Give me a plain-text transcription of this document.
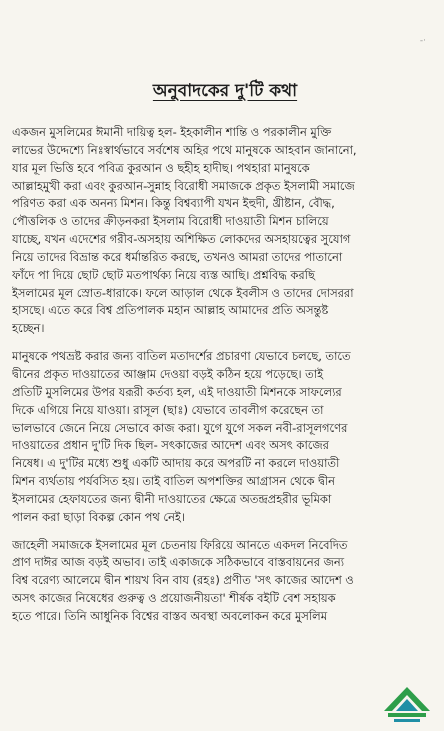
-·
অনুবাদকের দু'টি কথা

একজন মুসলিমের ঈমানী দায়িত্ব হল- ইহকালীন শান্তি ও পরকালীন মুক্তি
লাভের উদ্দেশ্যে নিঃস্বার্থভাবে সর্বশেষ অহির পথে মানুষকে আহবান জানানো,
যার মূল ভিত্তি হবে পবিত্র কুরআন ও ছহীহ হাদীছ। পথহারা মানুষকে
আল্লাহমুখী করা এবং কুরআন-সুন্নাহ বিরোধী সমাজকে প্রকৃত ইসলামী সমাজে
পরিণত করা এক অনন্য মিশন। কিন্তু বিশ্বব্যাপী যখন ইহুদী, খ্রীষ্টান, বৌদ্ধ,
পৌত্তলিক ও তাদের ক্রীড়নকরা ইসলাম বিরোধী দাওয়াতী মিশন চালিয়ে
যাচ্ছে, যখন এদেশের গরীব-অসহায় অশিক্ষিত লোকদের অসহায়ত্বের সুযোগ
নিয়ে তাদের বিভ্রান্ত করে ধর্মান্তরিত করছে, তখনও আমরা তাদের পাতানো
ফাঁদে পা দিয়ে ছোট ছোট মতপার্থক্য নিয়ে ব্যস্ত আছি। প্রশ্নবিদ্ধ করছি
ইসলামের মূল স্রোত-ধারাকে। ফলে আড়াল থেকে ইবলীস ও তাদের দোসররা
হাসছে। এতে করে বিশ্ব প্রতিপালক মহান আল্লাহ আমাদের প্রতি অসন্তুষ্ট
হচ্ছেন।

মানুষকে পথভ্রষ্ট করার জন্য বাতিল মতাদর্শের প্রচারণা যেভাবে চলছে, তাতে
দ্বীনের প্রকৃত দাওয়াতের আঞ্জাম দেওয়া বড়ই কঠিন হয়ে পড়েছে। তাই
প্রতিটি মুসলিমের উপর যরূরী কর্তব্য হল, এই দাওয়াতী মিশনকে সাফল্যের
দিকে এগিয়ে নিয়ে যাওয়া। রাসূল (ছাঃ) যেভাবে তাবলীগ করেছেন তা
ভালভাবে জেনে নিয়ে সেভাবে কাজ করা। যুগে যুগে সকল নবী-রাসূলগণের
দাওয়াতের প্রধান দু'টি দিক ছিল- সৎকাজের আদেশ এবং অসৎ কাজের
নিষেধ। এ দু'টির মধ্যে শুধু একটি আদায় করে অপরটি না করলে দাওয়াতী
মিশন ব্যর্থতায় পর্যবসিত হয়। তাই বাতিল অপশক্তির আগ্রাসন থেকে দ্বীন
ইসলামের হেফাযতের জন্য দ্বীনী দাওয়াতের ক্ষেত্রে অতন্দ্রপ্রহরীর ভূমিকা
পালন করা ছাড়া বিকল্প কোন পথ নেই।

জাহেলী সমাজকে ইসলামের মূল চেতনায় ফিরিয়ে আনতে একদল নিবেদিত
প্রাণ দাঈর আজ বড়ই অভাব। তাই একাজকে সঠিকভাবে বাস্তবায়নের জন্য
বিশ্ব বরেণ্য আলেমে দ্বীন শায়খ বিন বায (রহঃ) প্রণীত 'সৎ কাজের আদেশ ও
অসৎ কাজের নিষেধের গুরুত্ব ও প্রয়োজনীয়তা' শীর্ষক বইটি বেশ সহায়ক
হতে পারে। তিনি আধুনিক বিশ্বের বাস্তব অবস্থা অবলোকন করে মুসলিম
